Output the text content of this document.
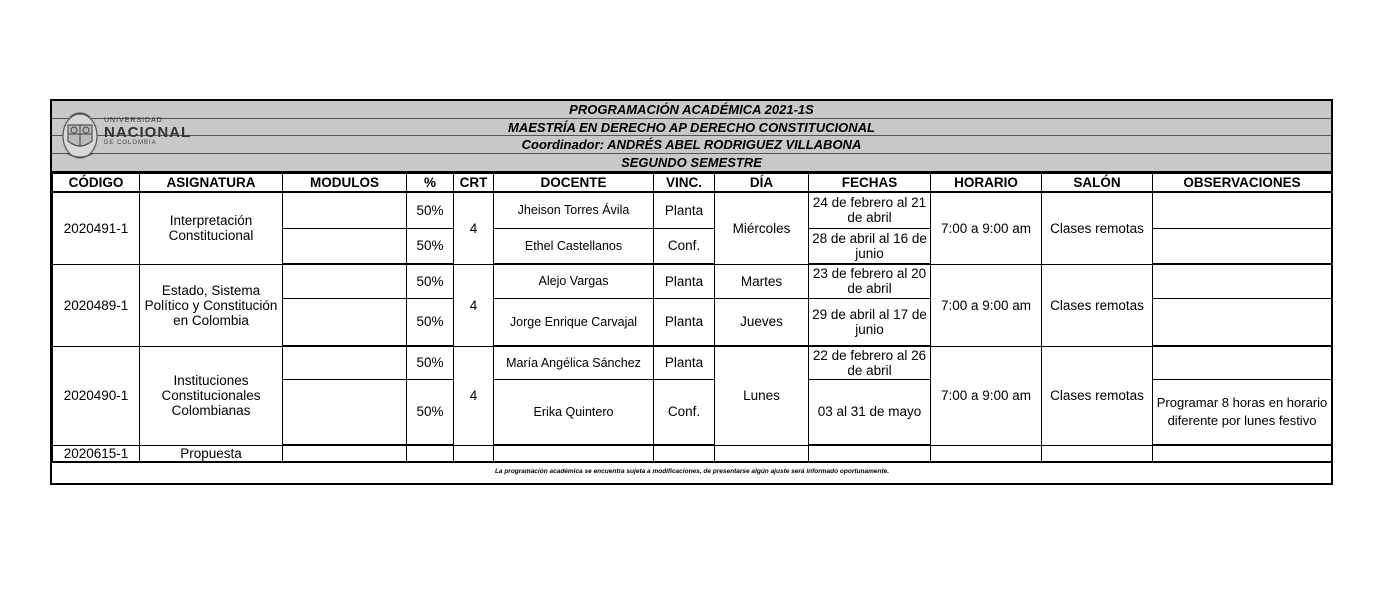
UNIVERSIDAD
NACIONAL
DE COLOMBIA
PROGRAMACIÓN ACADÉMICA 2021-1S
MAESTRÍA EN DERECHO AP DERECHO CONSTITUCIONAL
Coordinador: ANDRÉS ABEL RODRIGUEZ VILLABONA
SEGUNDO SEMESTRE
CÓDIGO	ASIGNATURA	MODULOS	%	CRT	DOCENTE	VINC.	DÍA	FECHAS	HORARIO	SALÓN	OBSERVACIONES
2020491-1	Interpretación Constitucional		50%	4	Jheison Torres Ávila	Planta	Miércoles	24 de febrero al 21 de abril	7:00 a 9:00 am	Clases remotas	
			50%		Ethel Castellanos	Conf.		28 de abril al 16 de junio			
2020489-1	Estado, Sistema Político y Constitución en Colombia		50%	4	Alejo Vargas	Planta	Martes	23 de febrero al 20 de abril	7:00 a 9:00 am	Clases remotas	
			50%		Jorge Enrique Carvajal	Planta	Jueves	29 de abril al 17 de junio			
2020490-1	Instituciones Constitucionales Colombianas		50%	4	María Angélica Sánchez	Planta	Lunes	22 de febrero al 26 de abril	7:00 a 9:00 am	Clases remotas	
			50%		Erika Quintero	Conf.		03 al 31 de mayo			Programar 8 horas en horario diferente por lunes festivo
2020615-1	Propuesta										
La programación académica se encuentra sujeta a modificaciones, de presentarse algún ajuste será informado oportunamente.											
